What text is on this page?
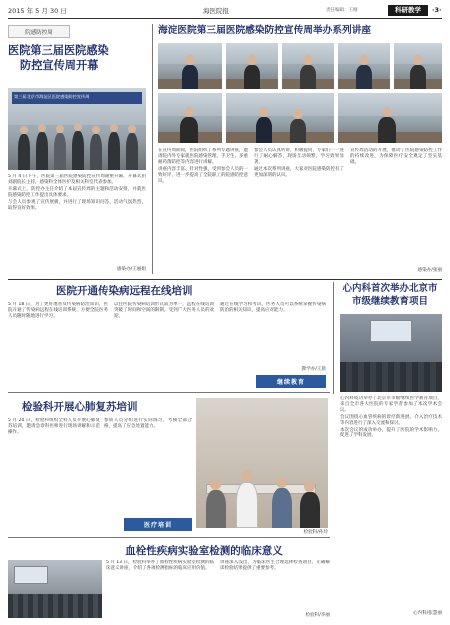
2015 年 5 月 30 日	海医院报	责任编辑：王刚	科研教学	·3·
院感防控周
医院第三届医院感染
防控宣传周开幕
第三届北京市海淀区医院感染防控宣传周

5 月 4 日下午，医院第三届医院感染防控宣传周隆重开幕，开幕式由刘副院长主持，感染科全体医护及相关科室代表参加。

开幕式上，防控办主任介绍了本届宣传周的主题和活动安排，并就医院感染防控工作提出具体要求。

与会人员参观了宣传展板，并进行了现场知识问答，活动气氛热烈，取得良好效果。

感染办/王丽娟
海淀医院第三届医院感染防控宣传周举办系列讲座

在宣传周期间，医院组织了系列专题讲座，邀请院内外专家就医院感染管理、手卫生、多重耐药菌防控等内容进行讲解。

讲座内容丰富、针对性强，受到参会人员的一致好评，进一步提高了全院职工的院感防控意识。

参会人员认真听讲，积极提问，专家们一一进行了耐心解答，现场互动频繁，学习效果显著。

通过本次系列讲座，大家对医院感染防控有了更加深刻的认识。

宣传周活动的开展，推动了医院感染防控工作的持续改进，为保障医疗安全奠定了坚实基础。

感染办/张丽
医院开通传染病远程在线培训

5 月 18 日，为了更好地普及传染病防治知识，医院开通了传染病远程在线培训系统，方便全院医务人员随时随地进行学习。

以往医院传染病培训形式较为单一，远程在线培训突破了时间和空间的限制，受到广大医务人员的欢迎。

通过在线学习和考试，医务人员可以系统掌握传染病防治的相关知识，提高应对能力。

教学办/王晨
继续教育
检验科开展心肺复苏培训

5 月 20 日，检验科组织全科人员开展心肺复苏培训，邀请急诊科医师进行现场讲解和示范操作。

参训人员分组进行实际练习，考核全部合格，提高了应急处置能力。

医疗培训
检验科/孙玲
心内科首次举办北京市
市级继续教育项目

心内科成功举办了北京市市级继续医学教育项目，来自全市各大医院的专家学者参加了本次学术会议。

会议围绕心血管疾病的诊疗新进展、介入治疗技术等内容进行了深入交流和探讨。

本次会议的成功举办，提升了医院的学术影响力，促进了学科发展。

心内科/张慧丽
血栓性疾病实验室检测的临床意义

5 月 13 日，检验科举办了血栓性疾病实验室检测的临床意义讲座，介绍了各项检测指标的临床应用价值。

讲座深入浅出，为临床医生合理选择检查项目、正确解读检验结果提供了重要参考。

检验科/李丽
